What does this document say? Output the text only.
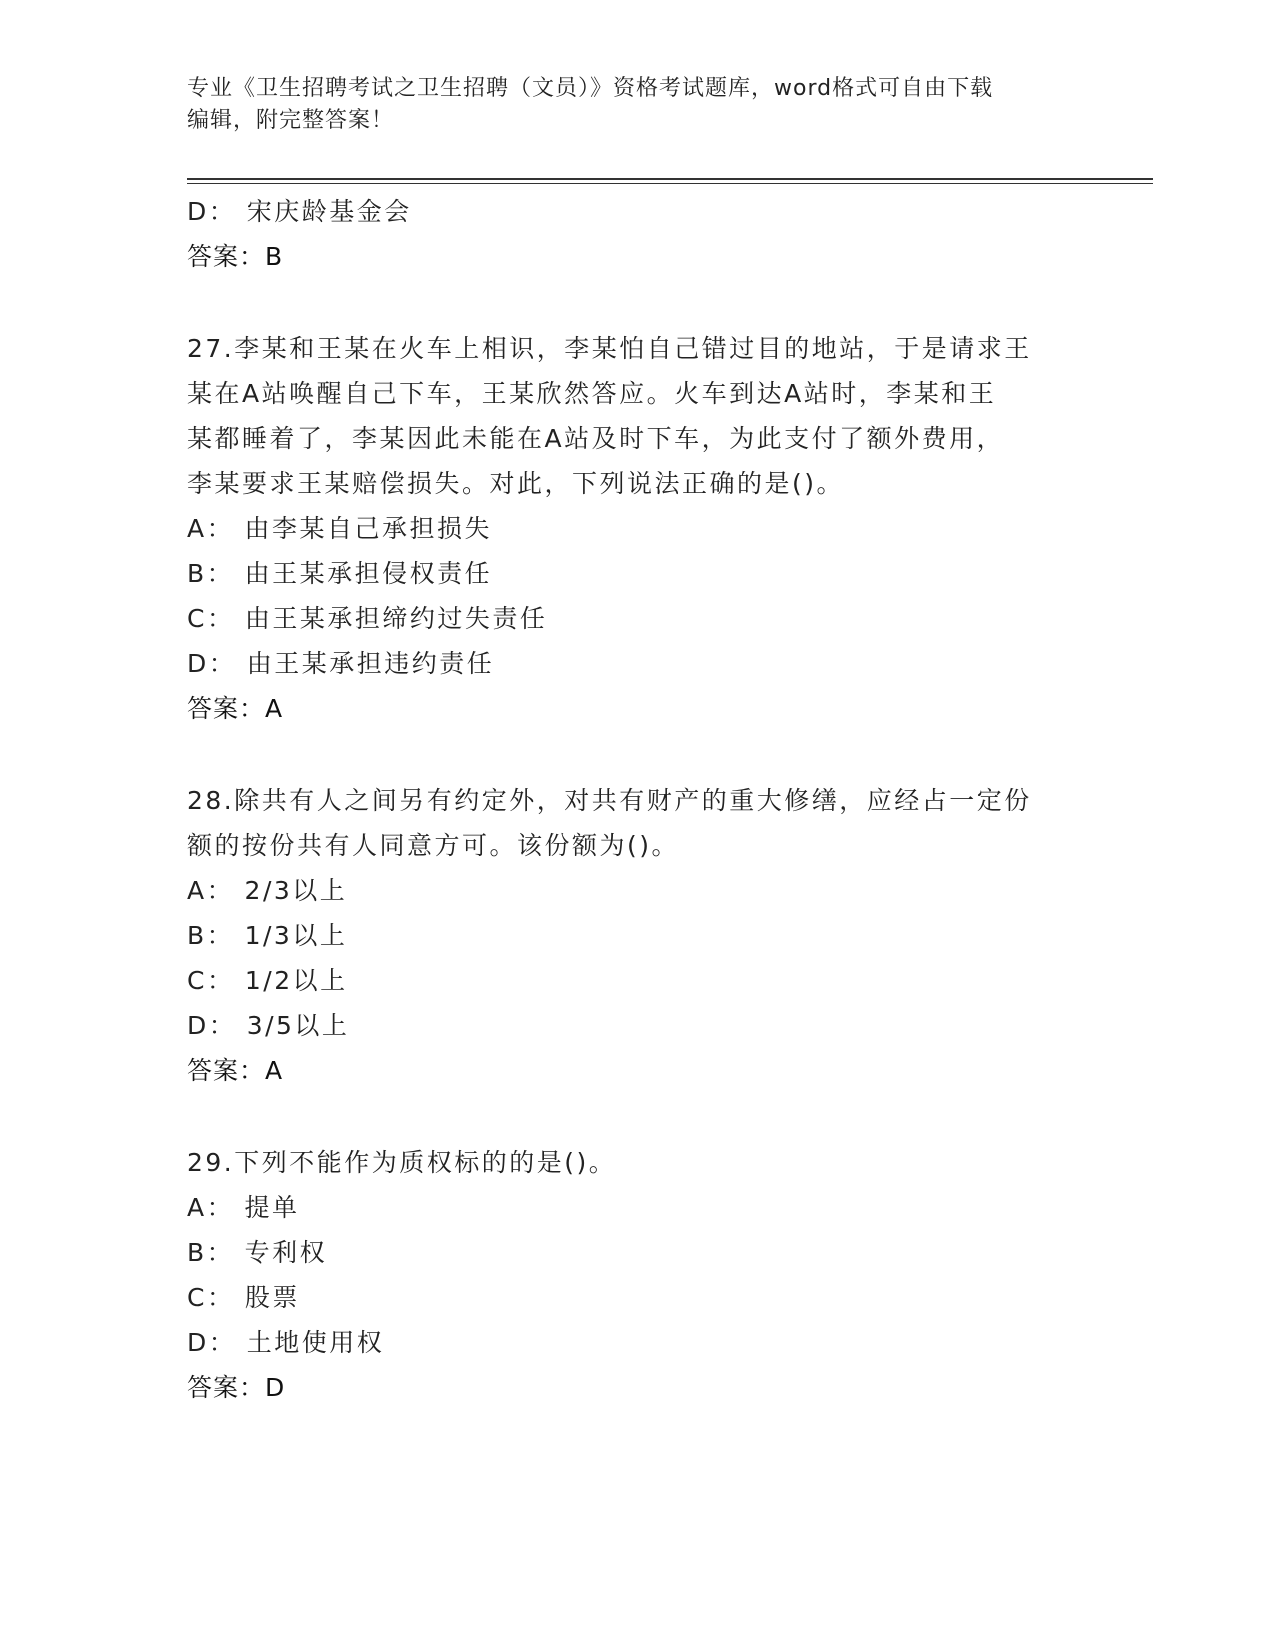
专业《卫生招聘考试之卫生招聘（文员）》资格考试题库，word格式可自由下载
编辑，附完整答案！
D： 宋庆龄基金会
答案：B
27.李某和王某在火车上相识，李某怕自己错过目的地站，于是请求王
某在A站唤醒自己下车，王某欣然答应。火车到达A站时，李某和王
某都睡着了，李某因此未能在A站及时下车，为此支付了额外费用，
李某要求王某赔偿损失。对此，下列说法正确的是()。
A： 由李某自己承担损失
B： 由王某承担侵权责任
C： 由王某承担缔约过失责任
D： 由王某承担违约责任
答案：A
28.除共有人之间另有约定外，对共有财产的重大修缮，应经占一定份
额的按份共有人同意方可。该份额为()。
A： 2/3以上
B： 1/3以上
C： 1/2以上
D： 3/5以上
答案：A
29.下列不能作为质权标的的是()。
A： 提单
B： 专利权
C： 股票
D： 土地使用权
答案：D
